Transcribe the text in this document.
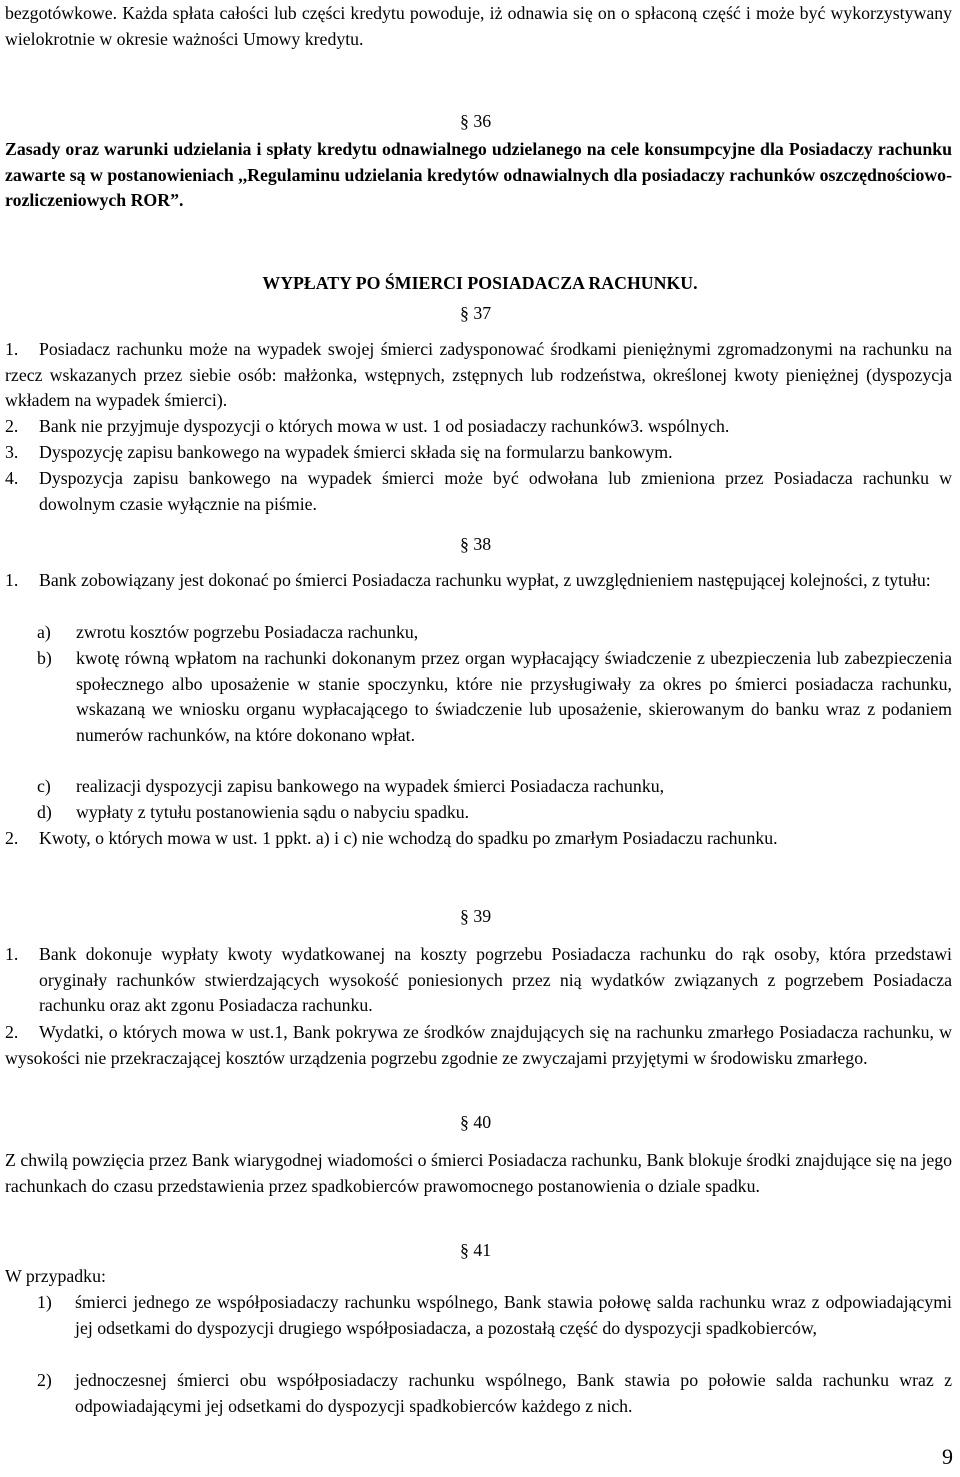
bezgotówkowe. Każda spłata całości lub części kredytu powoduje, iż odnawia się on o spłaconą część i może być wykorzystywany wielokrotnie w okresie ważności Umowy kredytu.

§ 36

Zasady oraz warunki udzielania i spłaty kredytu odnawialnego udzielanego na cele konsumpcyjne dla Posiadaczy rachunku zawarte są w postanowieniach ,,Regulaminu udzielania kredytów odnawialnych dla posiadaczy rachunków oszczędnościowo-rozliczeniowych ROR”.

WYPŁATY PO ŚMIERCI POSIADACZA RACHUNKU.

§ 37

1.	Posiadacz rachunku może na wypadek swojej śmierci zadysponować środkami pieniężnymi zgromadzonymi na rachunku na rzecz wskazanych przez siebie osób: małżonka, wstępnych, zstępnych lub rodzeństwa, określonej kwoty pieniężnej (dyspozycja wkładem na wypadek śmierci).

2. Bank nie przyjmuje dyspozycji o których mowa w ust. 1 od posiadaczy rachunków3. wspólnych.

3. Dyspozycję zapisu bankowego na wypadek śmierci składa się na formularzu bankowym.

4. Dyspozycja zapisu bankowego na wypadek śmierci może być odwołana lub zmieniona przez Posiadacza rachunku w dowolnym czasie wyłącznie na piśmie.

§ 38

1.	Bank zobowiązany jest dokonać po śmierci Posiadacza rachunku wypłat, z uwzględnieniem następującej kolejności, z tytułu:

a) zwrotu kosztów pogrzebu Posiadacza rachunku,

b) kwotę równą wpłatom na rachunki dokonanym przez organ wypłacający świadczenie z ubezpieczenia lub zabezpieczenia społecznego albo uposażenie w stanie spoczynku, które nie przysługiwały za okres po śmierci posiadacza rachunku, wskazaną we wniosku organu wypłacającego to świadczenie lub uposażenie, skierowanym do banku wraz z podaniem numerów rachunków, na które dokonano wpłat.

c) realizacji dyspozycji zapisu bankowego na wypadek śmierci Posiadacza rachunku,

d) wypłaty z tytułu postanowienia sądu o nabyciu spadku.

2. Kwoty, o których mowa w ust. 1 ppkt. a) i c) nie wchodzą do spadku po zmarłym Posiadaczu rachunku.

§ 39

1. Bank dokonuje wypłaty kwoty wydatkowanej na koszty pogrzebu Posiadacza rachunku do rąk osoby, która przedstawi oryginały rachunków stwierdzających wysokość poniesionych przez nią wydatków związanych z pogrzebem Posiadacza rachunku oraz akt zgonu Posiadacza rachunku.

2.	Wydatki, o których mowa w ust.1, Bank pokrywa ze środków znajdujących się na rachunku zmarłego Posiadacza rachunku, w wysokości nie przekraczającej kosztów urządzenia pogrzebu zgodnie ze zwyczajami przyjętymi w środowisku zmarłego.

§ 40

Z chwilą powzięcia przez Bank wiarygodnej wiadomości o śmierci Posiadacza rachunku, Bank blokuje środki znajdujące się na jego rachunkach do czasu przedstawienia przez spadkobierców prawomocnego postanowienia o dziale spadku.

§ 41

W przypadku:

1) śmierci jednego ze współposiadaczy rachunku wspólnego, Bank stawia połowę salda rachunku wraz z odpowiadającymi jej odsetkami do dyspozycji drugiego współposiadacza, a pozostałą część do dyspozycji spadkobierców,

2) jednoczesnej śmierci obu współposiadaczy rachunku wspólnego, Bank stawia po połowie salda rachunku wraz z odpowiadającymi jej odsetkami do dyspozycji spadkobierców każdego z nich.

9
